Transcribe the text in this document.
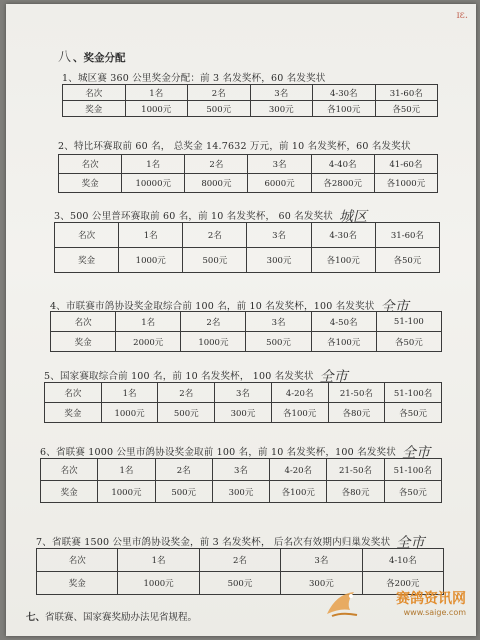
ɪɛ.
八 、奖金分配
1、城区赛 360 公里奖金分配：前 3 名发奖杯，60 名发奖状
名次	1名	2名	3名	4-30名	31-60名
奖金	1000元	500元	300元	各100元	各50元
2、特比环赛取前 60 名， 总奖金 14.7632 万元，前 10 名发奖杯，60 名发奖状
名次	1名	2名	3名	4-40名	41-60名
奖金	10000元	8000元	6000元	各2800元	各1000元
3、500 公里普环赛取前 60 名，前 10 名发奖杯， 60 名发奖状 城区
名次	1名	2名	3名	4-30名	31-60名
奖金	1000元	500元	300元	各100元	各50元
4、市联赛市鸽协设奖金取综合前 100 名，前 10 名发奖杯，100 名发奖状 全市
名次	1名	2名	3名	4-50名	51-100
奖金	2000元	1000元	500元	各100元	各50元
5、国家赛取综合前 100 名，前 10 名发奖杯， 100 名发奖状 全市
名次	1名	2名	3名	4-20名	21-50名	51-100名
奖金	1000元	500元	300元	各100元	各80元	各50元
6、省联赛 1000 公里市鸽协设奖金取前 100 名，前 10 名发奖杯，100 名发奖状 全市
名次	1名	2名	3名	4-20名	21-50名	51-100名
奖金	1000元	500元	300元	各100元	各80元	各50元
7、省联赛 1500 公里市鸽协设奖金，前 3 名发奖杯， 后名次有效期内归巢发奖状 全市
名次	1名	2名	3名	4-10名
奖金	1000元	500元	300元	各200元
七、省联赛、国家赛奖励办法见省规程。
赛鸽资讯网
www.saige.com
